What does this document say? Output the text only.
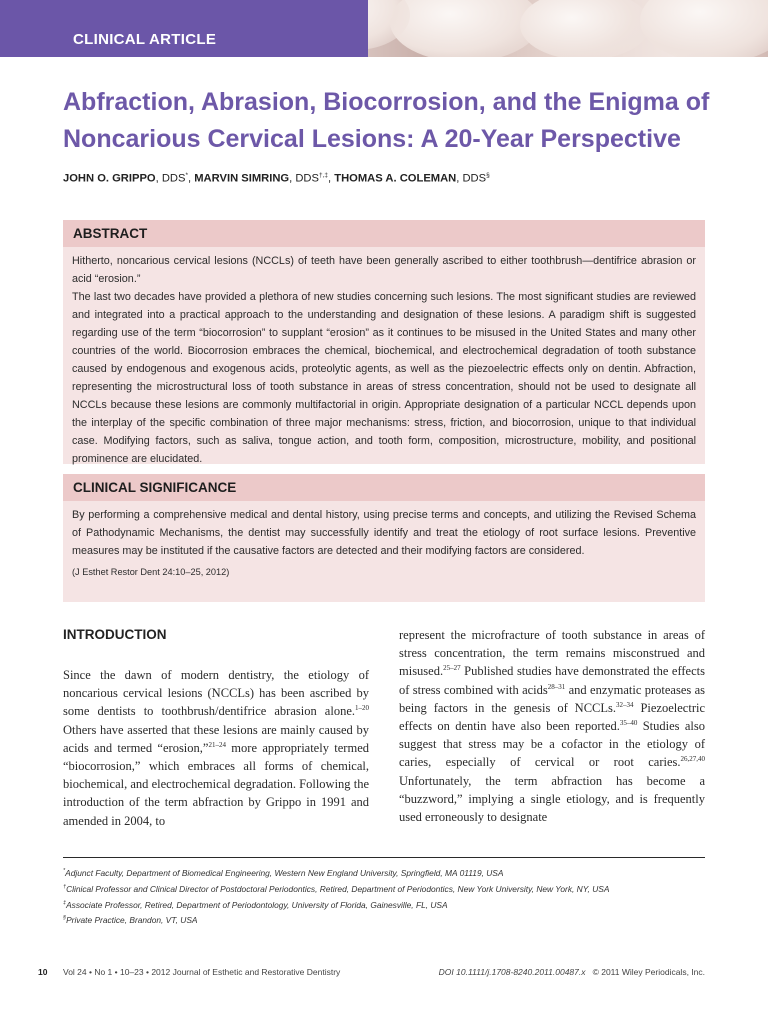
CLINICAL ARTICLE
Abfraction, Abrasion, Biocorrosion, and the Enigma of Noncarious Cervical Lesions: A 20-Year Perspective
JOHN O. GRIPPO, DDS*, MARVIN SIMRING, DDS†,‡, THOMAS A. COLEMAN, DDS§
ABSTRACT

Hitherto, noncarious cervical lesions (NCCLs) of teeth have been generally ascribed to either toothbrush—dentifrice abrasion or acid “erosion.”

The last two decades have provided a plethora of new studies concerning such lesions. The most significant studies are reviewed and integrated into a practical approach to the understanding and designation of these lesions. A paradigm shift is suggested regarding use of the term “biocorrosion” to supplant “erosion” as it continues to be misused in the United States and many other countries of the world. Biocorrosion embraces the chemical, biochemical, and electrochemical degradation of tooth substance caused by endogenous and exogenous acids, proteolytic agents, as well as the piezoelectric effects only on dentin. Abfraction, representing the microstructural loss of tooth substance in areas of stress concentration, should not be used to designate all NCCLs because these lesions are commonly multifactorial in origin. Appropriate designation of a particular NCCL depends upon the interplay of the specific combination of three major mechanisms: stress, friction, and biocorrosion, unique to that individual case. Modifying factors, such as saliva, tongue action, and tooth form, composition, microstructure, mobility, and positional prominence are elucidated.

CLINICAL SIGNIFICANCE

By performing a comprehensive medical and dental history, using precise terms and concepts, and utilizing the Revised Schema of Pathodynamic Mechanisms, the dentist may successfully identify and treat the etiology of root surface lesions. Preventive measures may be instituted if the causative factors are detected and their modifying factors are considered.

(J Esthet Restor Dent 24:10–25, 2012)

INTRODUCTION
Since the dawn of modern dentistry, the etiology of noncarious cervical lesions (NCCLs) has been ascribed by some dentists to toothbrush/dentifrice abrasion alone.$^{1-20}$ Others have asserted that these lesions are mainly caused by acids and termed “erosion,”$^{21-24}$ more appropriately termed “biocorrosion,” which embraces all forms of chemical, biochemical, and electrochemical degradation. Following the introduction of the term abfraction by Grippo in 1991 and amended in 2004, to
represent the microfracture of tooth substance in areas of stress concentration, the term remains misconstrued and misused.$^{25-27}$ Published studies have demonstrated the effects of stress combined with acids$^{28-31}$ and enzymatic proteases as being factors in the genesis of NCCLs.$^{32-34}$ Piezoelectric effects on dentin have also been reported.$^{35-40}$ Studies also suggest that stress may be a cofactor in the etiology of caries, especially of cervical or root caries.$^{26,27,40}$ Unfortunately, the term abfraction has become a “buzzword,” implying a single etiology, and is frequently used erroneously to designate
*Adjunct Faculty, Department of Biomedical Engineering, Western New England University, Springfield, MA 01119, USA
†Clinical Professor and Clinical Director of Postdoctoral Periodontics, Retired, Department of Periodontics, New York University, New York, NY, USA
‡Associate Professor, Retired, Department of Periodontology, University of Florida, Gainesville, FL, USA
§Private Practice, Brandon, VT, USA
10 Vol 24 • No 1 • 10–23 • 2012 Journal of Esthetic and Restorative Dentistry	DOI 10.1111/j.1708-8240.2011.00487.x © 2011 Wiley Periodicals, Inc.
